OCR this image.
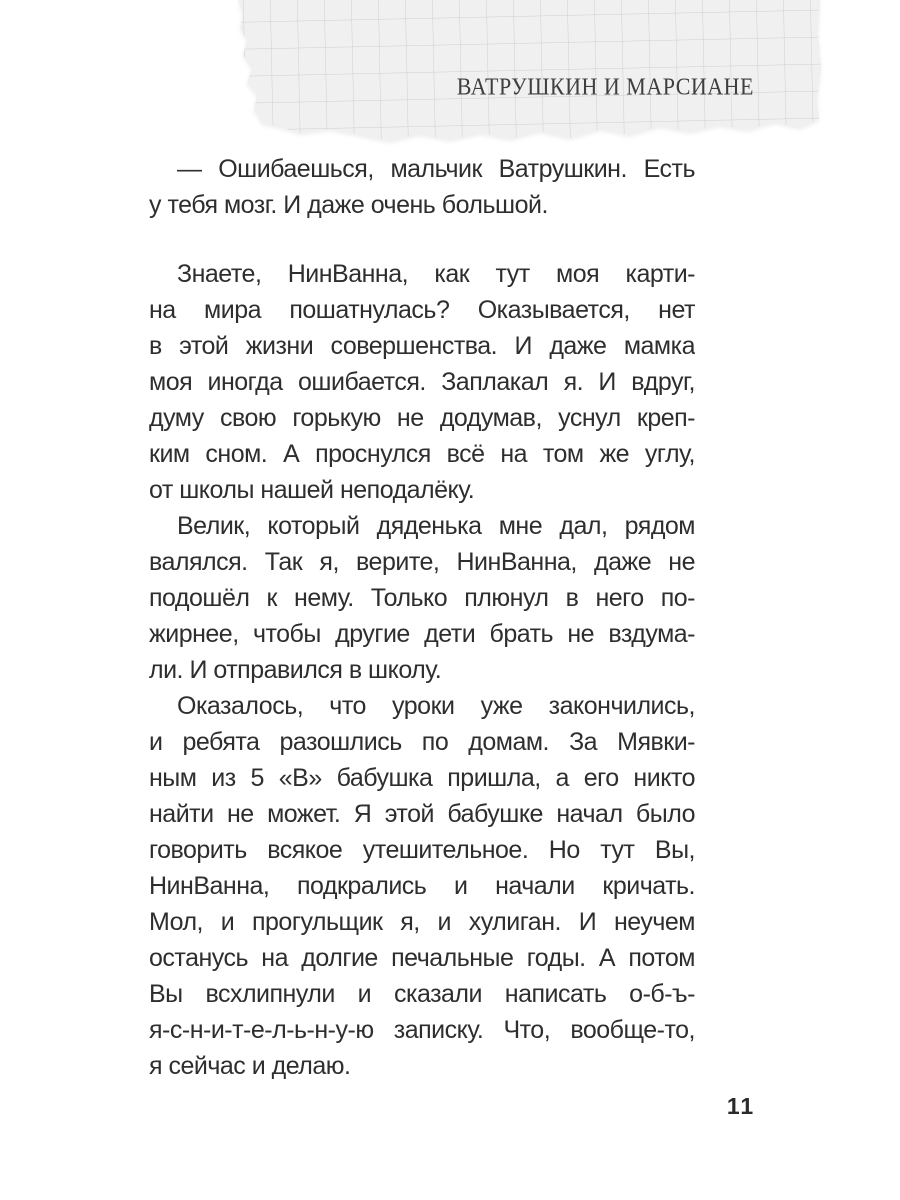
ВАТРУШКИН И МАРСИАНЕ
— Ошибаешься, мальчик Ватрушкин. Есть
у тебя мозг. И даже очень большой.
Знаете, НинВанна, как тут моя карти-
на мира пошатнулась? Оказывается, нет
в этой жизни совершенства. И даже мамка
моя иногда ошибается. Заплакал я. И вдруг,
думу свою горькую не додумав, уснул креп-
ким сном. А проснулся всё на том же углу,
от школы нашей неподалёку.
Велик, который дяденька мне дал, рядом
валялся. Так я, верите, НинВанна, даже не
подошёл к нему. Только плюнул в него по-
жирнее, чтобы другие дети брать не вздума-
ли. И отправился в школу.
Оказалось, что уроки уже закончились,
и ребята разошлись по домам. За Мявки-
ным из 5 «В» бабушка пришла, а его никто
найти не может. Я этой бабушке начал было
говорить всякое утешительное. Но тут Вы,
НинВанна, подкрались и начали кричать.
Мол, и прогульщик я, и хулиган. И неучем
останусь на долгие печальные годы. А потом
Вы всхлипнули и сказали написать о-б-ъ-
я-с-н-и-т-е-л-ь-н-у-ю записку. Что, вообще-то,
я сейчас и делаю.
11
